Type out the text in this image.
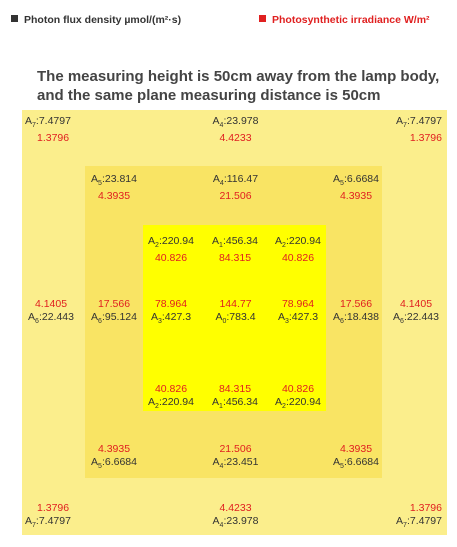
Photon flux density µmol/(m²·s)	Photosynthetic irradiance W/m²
The measuring height is 50cm away from the lamp body,
and the same plane measuring distance is 50cm
A $_7$:7.4797
1.3796
A $_4$:23.978
4.4233
A $_7$:7.4797
1.3796
A $_5$:23.814
4.3935
A $_4$:116.47
21.506
A $_5$:6.6684
4.3935
A $_2$:220.94
40.826
A $_1$:456.34
84.315
A $_2$:220.94
40.826
4.1405
A $_6$:22.443
17.566
A $_6$:95.124
78.964
A $_3$:427.3
144.77
A $_0$:783.4
78.964
A $_3$:427.3
17.566
A $_6$:18.438
4.1405
A $_6$:22.443
40.826
A $_2$:220.94
84.315
A $_1$:456.34
40.826
A $_2$:220.94
4.3935
A $_5$:6.6684
21.506
A $_4$:23.451
4.3935
A $_5$:6.6684
1.3796
A $_7$:7.4797
4.4233
A $_4$:23.978
1.3796
A $_7$:7.4797
